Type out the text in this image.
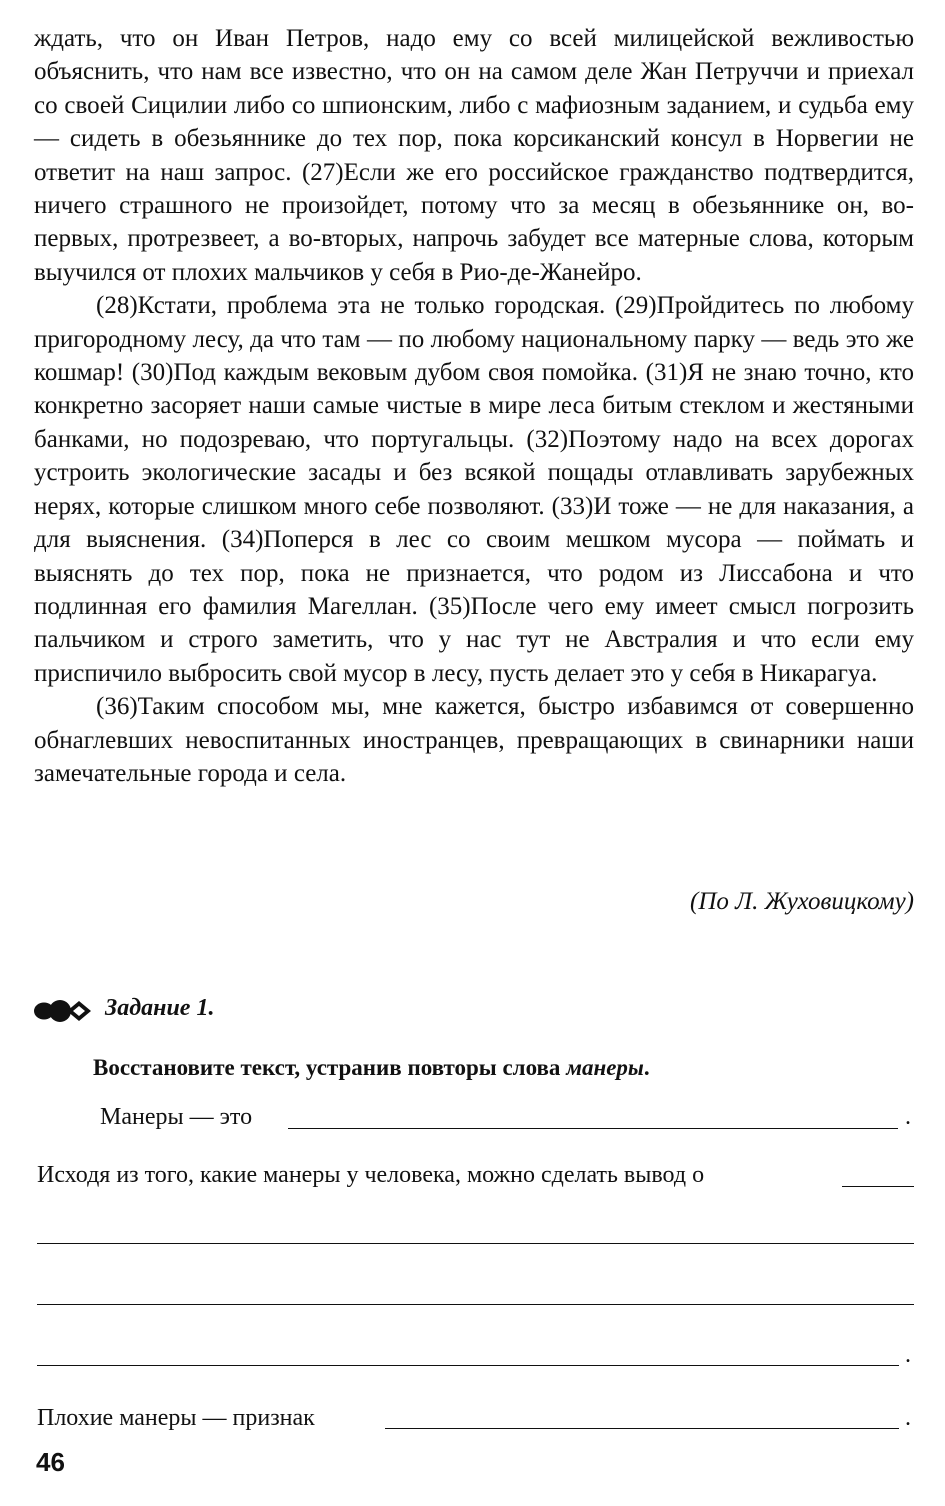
ждать, что он Иван Петров, надо ему со всей милицейской вежливостью объяснить, что нам все известно, что он на самом деле Жан Петруччи и приехал со своей Сицилии либо со шпионским, либо с мафиозным заданием, и судьба ему — сидеть в обезьяннике до тех пор, пока корсиканский консул в Норвегии не ответит на наш запрос. (27)Если же его российское гражданство подтвердится, ничего страшного не произойдет, потому что за месяц в обезьяннике он, во-первых, протрезвеет, а во-вторых, напрочь забудет все матерные слова, которым выучился от плохих мальчиков у себя в Рио-де-Жанейро.

(28)Кстати, проблема эта не только городская. (29)Пройдитесь по любому пригородному лесу, да что там — по любому национальному парку — ведь это же кошмар! (30)Под каждым вековым дубом своя помойка. (31)Я не знаю точно, кто конкретно засоряет наши самые чистые в мире леса битым стеклом и жестяными банками, но подозреваю, что португальцы. (32)Поэтому надо на всех дорогах устроить экологические засады и без всякой пощады отлавливать зарубежных нерях, которые слишком много себе позволяют. (33)И тоже — не для наказания, а для выяснения. (34)Поперся в лес со своим мешком мусора — поймать и выяснять до тех пор, пока не признается, что родом из Лиссабона и что подлинная его фамилия Магеллан. (35)После чего ему имеет смысл погрозить пальчиком и строго заметить, что у нас тут не Австралия и что если ему приспичило выбросить свой мусор в лесу, пусть делает это у себя в Никарагуа.

(36)Таким способом мы, мне кажется, быстро избавимся от совершенно обнаглевших невоспитанных иностранцев, превращающих в свинарники наши замечательные города и села.

(По Л. Жуховицкому)
Задание 1.
Восстановите текст, устранив повторы слова манеры.
Манеры — это	.
Исходя из того, какие манеры у человека, можно сделать вывод о
.
Плохие манеры — признак	.
46
